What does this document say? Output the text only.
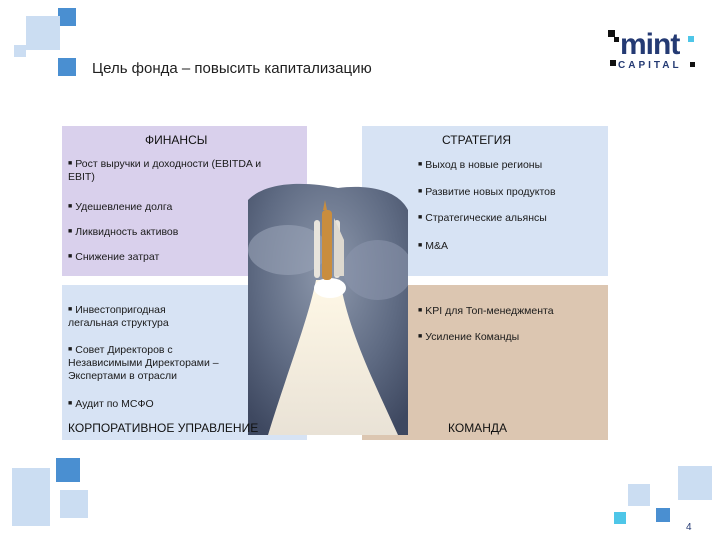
Цель фонда – повысить капитализацию
mint
CAPITAL
ФИНАНСЫ
■ Рост выручки и доходности (EBITDA и EBIT)
■ Удешевление долга
■ Ликвидность активов
■ Снижение затрат
СТРАТЕГИЯ
■ Выход в новые регионы
■ Развитие новых продуктов
■ Стратегические альянсы
■ M&A
■ Инвестопригодная легальная структура
■ Совет Директоров с Независимыми Директорами – Экспертами в отрасли
■ Аудит по МСФО
КОРПОРАТИВНОЕ УПРАВЛЕНИЕ
■ KPI для Топ-менеджмента
■ Усиление Команды
КОМАНДА
4
